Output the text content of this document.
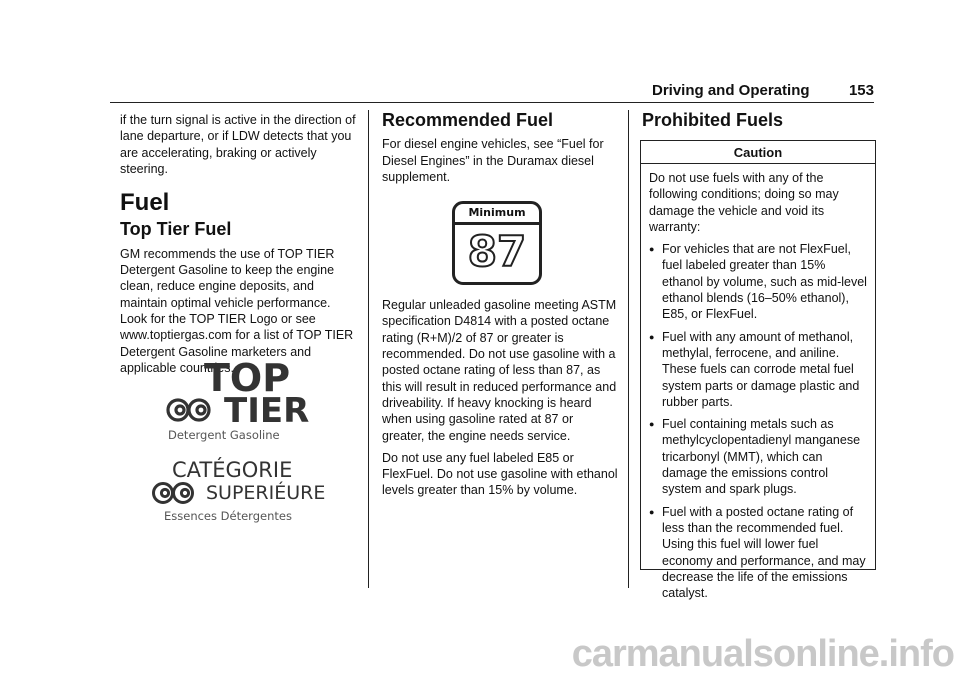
Driving and Operating	153

if the turn signal is active in the direction of lane departure, or if LDW detects that you are accelerating, braking or actively steering.

Fuel
Top Tier Fuel

GM recommends the use of TOP TIER Detergent Gasoline to keep the engine clean, reduce engine deposits, and maintain optimal vehicle performance. Look for the TOP TIER Logo or see www.toptiergas.com for a list of TOP TIER Detergent Gasoline marketers and applicable countries.

TOP
TIER
Detergent Gasoline
CATÉGORIE
SUPERIÉURE
Essences Détergentes
Recommended Fuel

For diesel engine vehicles, see “Fuel for Diesel Engines” in the Duramax diesel supplement.

Minimum
87

Regular unleaded gasoline meeting ASTM specification D4814 with a posted octane rating (R+M)/2 of 87 or greater is recommended. Do not use gasoline with a posted octane rating of less than 87, as this will result in reduced performance and driveability. If heavy knocking is heard when using gasoline rated at 87 or greater, the engine needs service.

Do not use any fuel labeled E85 or FlexFuel. Do not use gasoline with ethanol levels greater than 15% by volume.

Prohibited Fuels
Caution
Do not use fuels with any of the following conditions; doing so may damage the vehicle and void its warranty:
● For vehicles that are not FlexFuel, fuel labeled greater than 15% ethanol by volume, such as mid-level ethanol blends (16–50% ethanol), E85, or FlexFuel.
● Fuel with any amount of methanol, methylal, ferrocene, and aniline. These fuels can corrode metal fuel system parts or damage plastic and rubber parts.
● Fuel containing metals such as methylcyclopentadienyl manganese tricarbonyl (MMT), which can damage the emissions control system and spark plugs.
● Fuel with a posted octane rating of less than the recommended fuel. Using this fuel will lower fuel economy and performance, and may decrease the life of the emissions catalyst.
carmanualsonline.info
